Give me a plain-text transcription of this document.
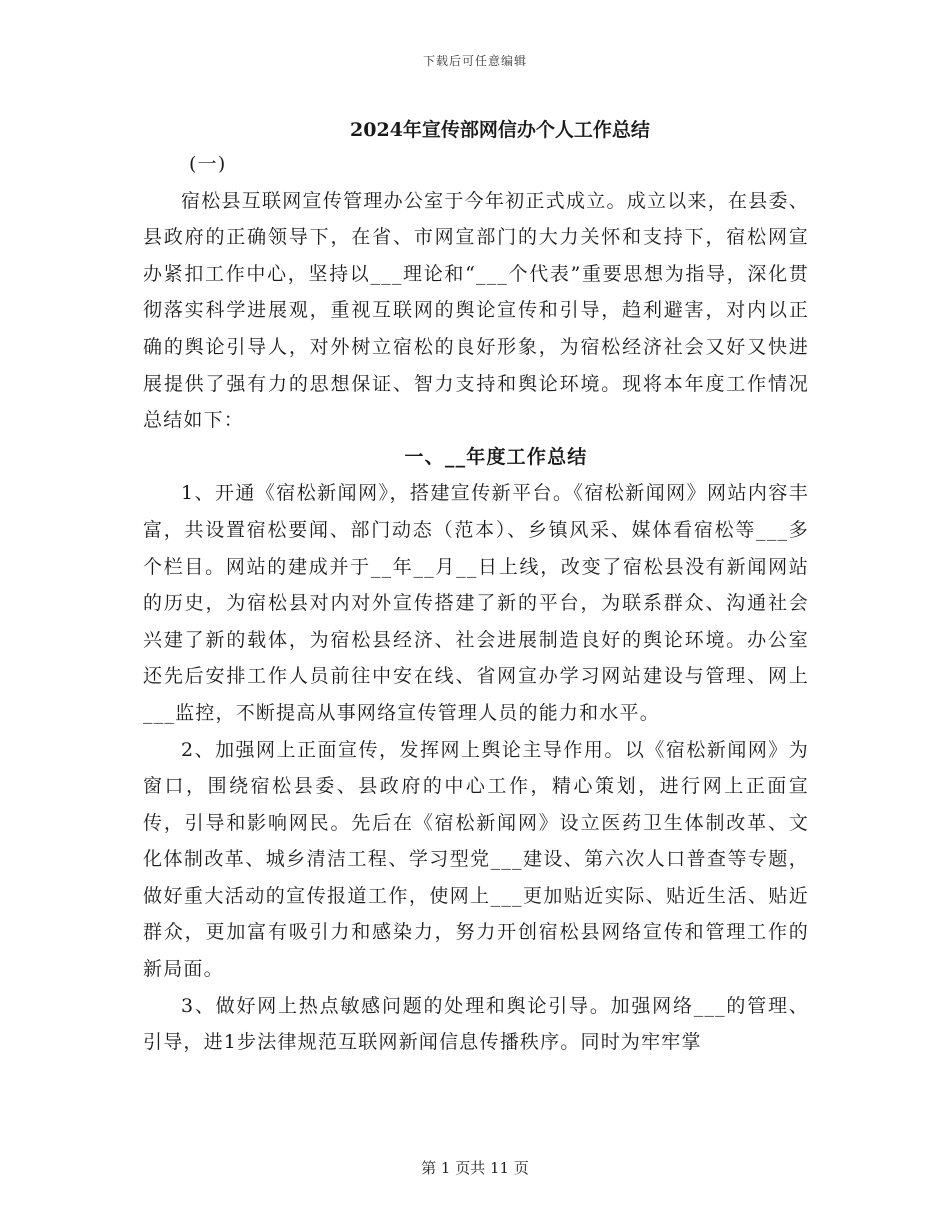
下载后可任意编辑
2024年宣传部网信办个人工作总结

(一)

宿松县互联网宣传管理办公室于今年初正式成立。成立以来，在县委、县政府的正确领导下，在省、市网宣部门的大力关怀和支持下，宿松网宣办紧扣工作中心，坚持以___理论和“___个代表”重要思想为指导，深化贯彻落实科学进展观，重视互联网的舆论宣传和引导，趋利避害，对内以正确的舆论引导人，对外树立宿松的良好形象，为宿松经济社会又好又快进展提供了强有力的思想保证、智力支持和舆论环境。现将本年度工作情况总结如下：

一、__年度工作总结

1、开通《宿松新闻网》，搭建宣传新平台。《宿松新闻网》网站内容丰富，共设置宿松要闻、部门动态（范本）、乡镇风采、媒体看宿松等___多个栏目。网站的建成并于__年__月__日上线，改变了宿松县没有新闻网站的历史，为宿松县对内对外宣传搭建了新的平台，为联系群众、沟通社会兴建了新的载体，为宿松县经济、社会进展制造良好的舆论环境。办公室还先后安排工作人员前往中安在线、省网宣办学习网站建设与管理、网上___监控，不断提高从事网络宣传管理人员的能力和水平。

2、加强网上正面宣传，发挥网上舆论主导作用。以《宿松新闻网》为窗口，围绕宿松县委、县政府的中心工作，精心策划，进行网上正面宣传，引导和影响网民。先后在《宿松新闻网》设立医药卫生体制改革、文化体制改革、城乡清洁工程、学习型党___建设、第六次人口普查等专题，做好重大活动的宣传报道工作，使网上___更加贴近实际、贴近生活、贴近群众，更加富有吸引力和感染力，努力开创宿松县网络宣传和管理工作的新局面。

3、做好网上热点敏感问题的处理和舆论引导。加强网络___的管理、引导，进1步法律规范互联网新闻信息传播秩序。同时为牢牢掌

第 1 页共 11 页
